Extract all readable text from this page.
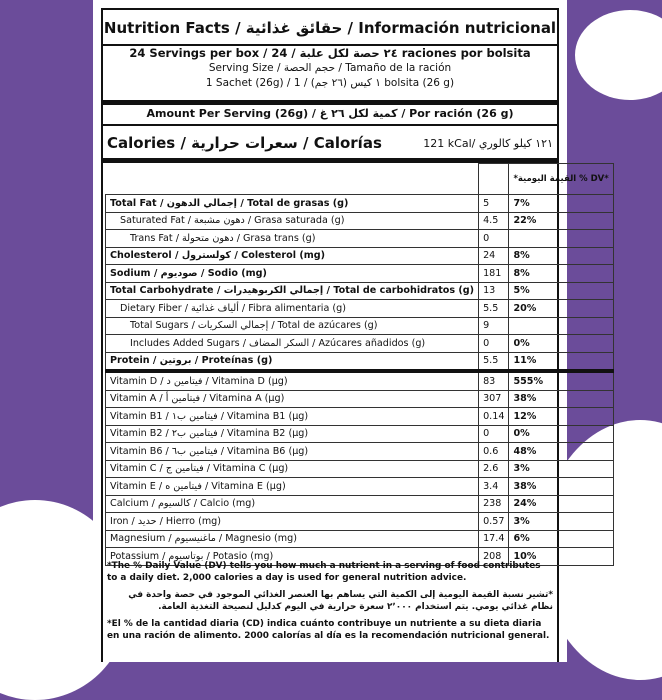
Nutrition Facts / حقائق غذائية / Información nutricional
24 Servings per box / ٢٤ حصة لكل علبة / 24 raciones por bolsita
Serving Size / حجم الحصة / Tamaño de la ración
1 Sachet (26g) / ١ كيس (٢٦ جم) / 1 bolsita (26 g)
Amount Per Serving (26g) / كمية لكل ٢٦ غ / Por ración (26 g)
Calories / سعرات حرارية / Calorías	121 kCal/ ١٢١ كيلو كالوري
		*القيمة اليومية % DV*
Total Fat / إجمالي الدهون / Total de grasas (g)	5	7%
Saturated Fat / دهون مشبعة / Grasa saturada (g)	4.5	22%
Trans Fat / دهون متحولة / Grasa trans (g)	0	
Cholesterol / كولسترول / Colesterol (mg)	24	8%
Sodium / صوديوم / Sodio (mg)	181	8%
Total Carbohydrate / إجمالي الكربوهيدرات / Total de carbohidratos (g)	13	5%
Dietary Fiber / ألياف غذائية / Fibra alimentaria (g)	5.5	20%
Total Sugars / إجمالي السكريات / Total de azúcares (g)	9	
Includes Added Sugars / السكر المضاف / Azúcares añadidos (g)	0	0%
Protein / بروتين / Proteínas (g)	5.5	11%
Vitamin D / فيتامين د / Vitamina D (µg)	83	555%
Vitamin A / فيتامين أ / Vitamina A (µg)	307	38%
Vitamin B1 / فيتامين ب١ / Vitamina B1 (µg)	0.14	12%
Vitamin B2 / فيتامين ب٢ / Vitamina B2 (µg)	0	0%
Vitamin B6 / فيتامين ب٦ / Vitamina B6 (µg)	0.6	48%
Vitamin C / فيتامين ج / Vitamina C (µg)	2.6	3%
Vitamin E / فيتامين ه / Vitamina E (µg)	3.4	38%
Calcium / كالسيوم / Calcio (mg)	238	24%
Iron / حديد / Hierro (mg)	0.57	3%
Magnesium / ماغنيسيوم / Magnesio (mg)	17.4	6%
Potassium / بوتاسيوم / Potasio (mg)	208	10%

*The % Daily Value (DV) tells you how much a nutrient in a serving of food contributes to a daily diet. 2,000 calories a day is used for general nutrition advice.

*تشير نسبة القيمة اليومية إلى الكمية التي يساهم بها العنصر الغذائي الموجود في حصة واحدة في نظام غذائي يومي. يتم استخدام ٢٬٠٠٠ سعرة حرارية في اليوم كدليل لنصيحة التغذية العامة.

*El % de la cantidad diaria (CD) indica cuánto contribuye un nutriente a su dieta diaria en una ración de alimento. 2000 calorías al día es la recomendación nutricional general.
